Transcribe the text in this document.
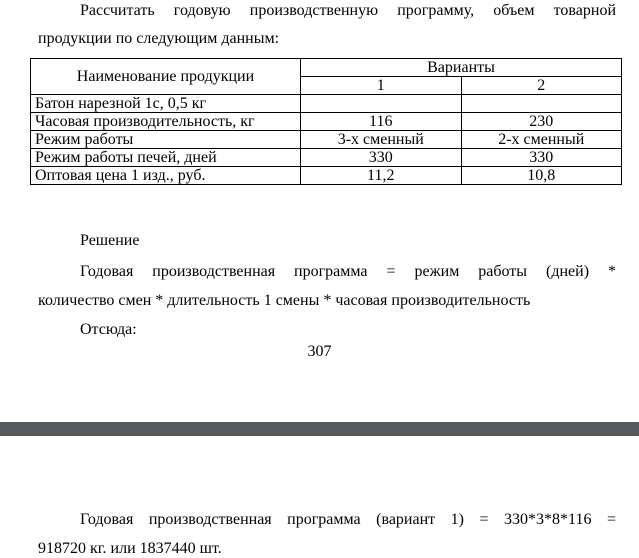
Рассчитать годовую производственную программу, объем товарной
продукции по следующим данным:
Наименование продукции	Варианты	
	1	2
Батон нарезной 1с, 0,5 кг		
Часовая производительность, кг	116	230
Режим работы	3-х сменный	2-х сменный
Режим работы печей, дней	330	330
Оптовая цена 1 изд., руб.	11,2	10,8
Решение
Годовая производственная программа = режим работы (дней) *
количество смен * длительность 1 смены * часовая производительность
Отсюда:
307
Годовая производственная программа (вариант 1) = 330*3*8*116 =
918720 кг. или 1837440 шт.
